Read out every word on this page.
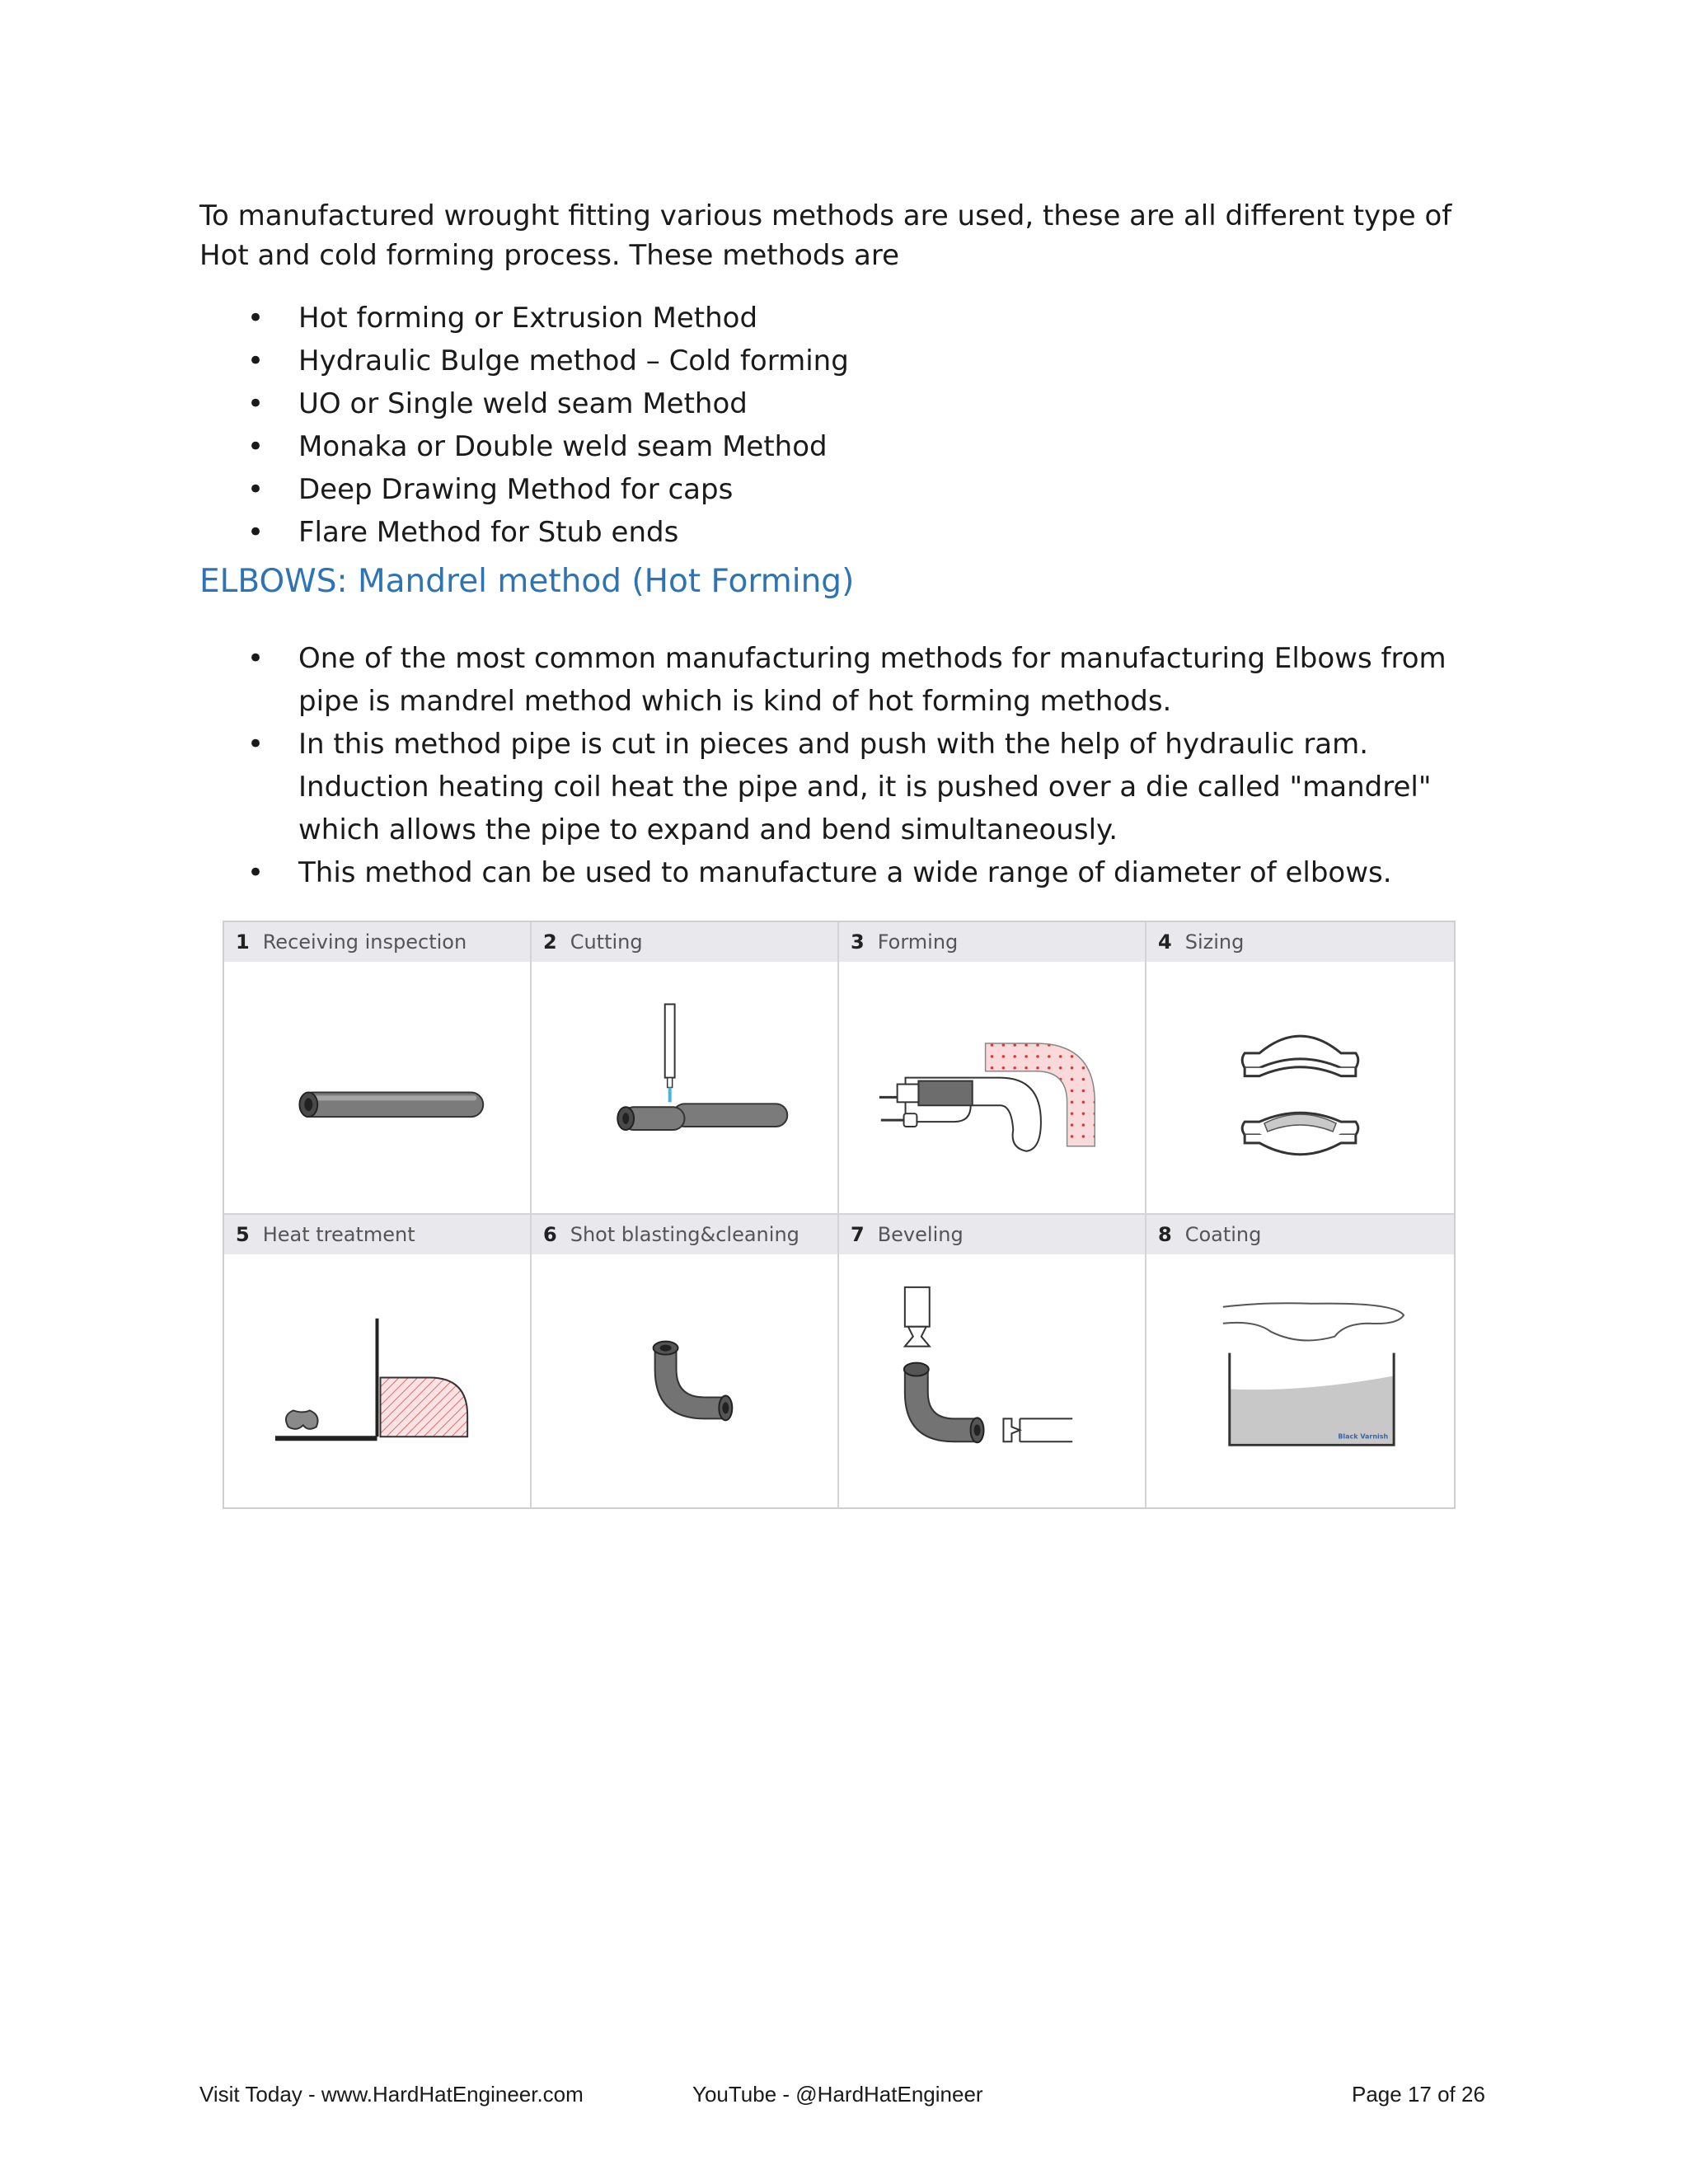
To manufactured wrought fitting various methods are used, these are all different type of Hot and cold forming process. These methods are

• Hot forming or Extrusion Method
• Hydraulic Bulge method – Cold forming
• UO or Single weld seam Method
• Monaka or Double weld seam Method
• Deep Drawing Method for caps
• Flare Method for Stub ends
ELBOWS: Mandrel method (Hot Forming)
• One of the most common manufacturing methods for manufacturing Elbows from pipe is mandrel method which is kind of hot forming methods.
• In this method pipe is cut in pieces and push with the help of hydraulic ram. Induction heating coil heat the pipe and, it is pushed over a die called "mandrel" which allows the pipe to expand and bend simultaneously.
• This method can be used to manufacture a wide range of diameter of elbows.
1 Receiving inspection	2 Cutting	3 Forming	4 Sizing
5 Heat treatment	6 Shot blasting&cleaning	7 Beveling	8 Coating
Black Varnish
Visit Today - www.HardHatEngineer.com	YouTube - @HardHatEngineer	Page 17 of 26
